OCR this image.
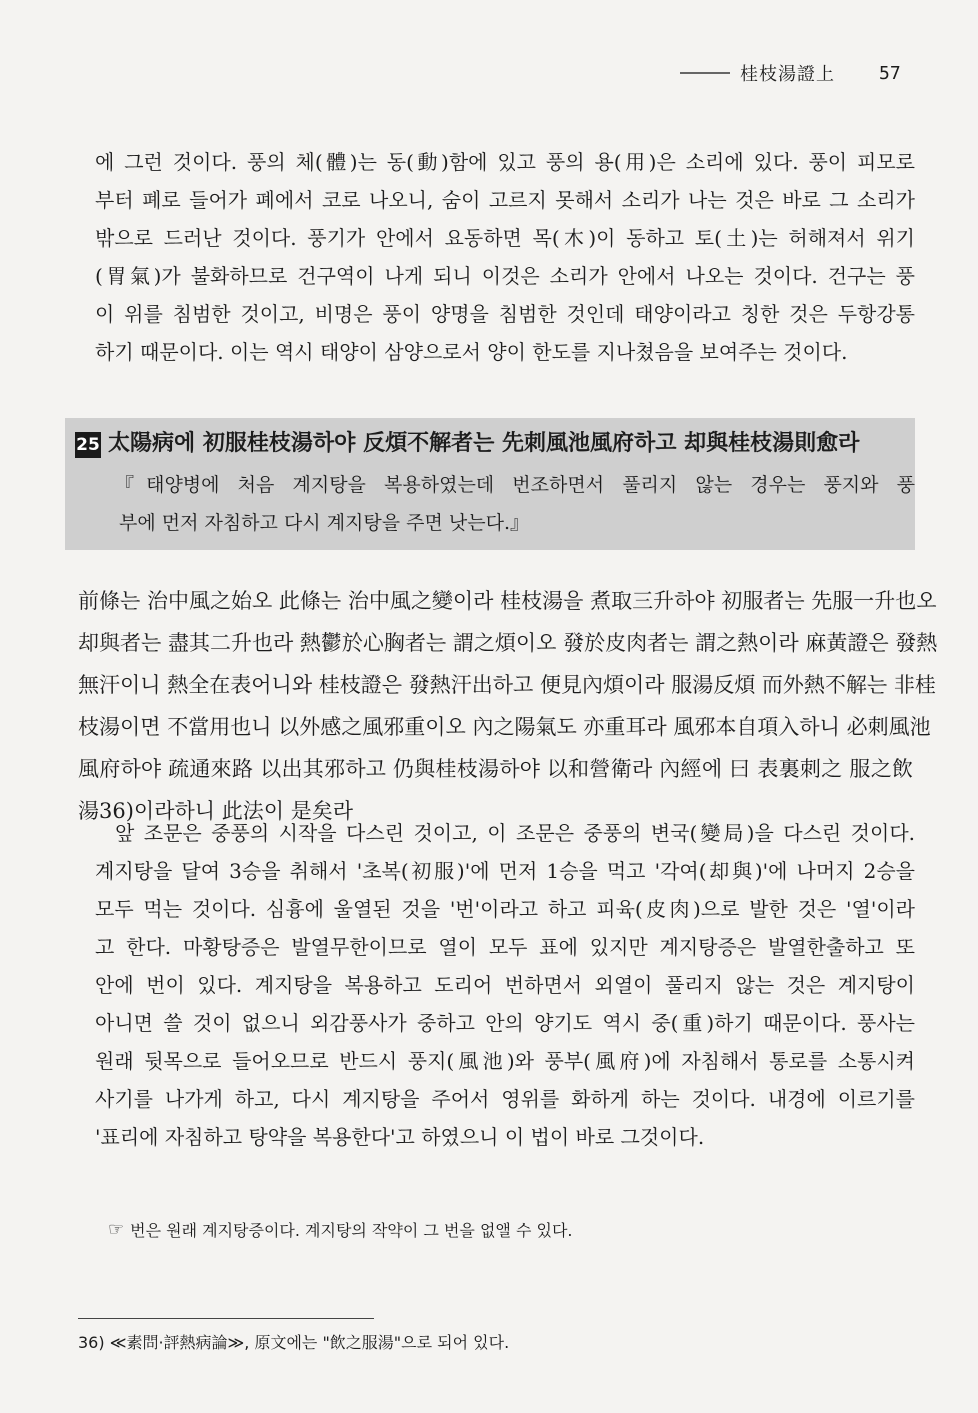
桂枝湯證上 57
에 그런 것이다. 풍의 체(體)는 동(動)함에 있고 풍의 용(用)은 소리에 있다. 풍이 피모로
부터 폐로 들어가 폐에서 코로 나오니, 숨이 고르지 못해서 소리가 나는 것은 바로 그 소리가
밖으로 드러난 것이다. 풍기가 안에서 요동하면 목(木)이 동하고 토(土)는 허해져서 위기
(胃氣)가 불화하므로 건구역이 나게 되니 이것은 소리가 안에서 나오는 것이다. 건구는 풍
이 위를 침범한 것이고, 비명은 풍이 양명을 침범한 것인데 태양이라고 칭한 것은 두항강통
하기 때문이다. 이는 역시 태양이 삼양으로서 양이 한도를 지나쳤음을 보여주는 것이다.
25 太陽病에 初服桂枝湯하야 反煩不解者는 先刺風池風府하고 却與桂枝湯則愈라
『태양병에 처음 계지탕을 복용하였는데 번조하면서 풀리지 않는 경우는 풍지와 풍
부에 먼저 자침하고 다시 계지탕을 주면 낫는다.』
前條는 治中風之始오 此條는 治中風之變이라 桂枝湯을 煮取三升하야 初服者는 先服一升也오
却與者는 盡其二升也라 熱鬱於心胸者는 謂之煩이오 發於皮肉者는 謂之熱이라 麻黃證은 發熱
無汗이니 熱全在表어니와 桂枝證은 發熱汗出하고 便見內煩이라 服湯反煩 而外熱不解는 非桂
枝湯이면 不當用也니 以外感之風邪重이오 內之陽氣도 亦重耳라 風邪本自項入하니 必刺風池
風府하야 疏通來路 以出其邪하고 仍與桂枝湯하야 以和營衛라 內經에 曰 表裏刺之 服之飲
湯36)이라하니 此法이 是矣라
앞 조문은 중풍의 시작을 다스린 것이고, 이 조문은 중풍의 변국(變局)을 다스린 것이다.
계지탕을 달여 3승을 취해서 '초복(初服)'에 먼저 1승을 먹고 '각여(却與)'에 나머지 2승을
모두 먹는 것이다. 심흉에 울열된 것을 '번'이라고 하고 피육(皮肉)으로 발한 것은 '열'이라
고 한다. 마황탕증은 발열무한이므로 열이 모두 표에 있지만 계지탕증은 발열한출하고 또
안에 번이 있다. 계지탕을 복용하고 도리어 번하면서 외열이 풀리지 않는 것은 계지탕이
아니면 쓸 것이 없으니 외감풍사가 중하고 안의 양기도 역시 중(重)하기 때문이다. 풍사는
원래 뒷목으로 들어오므로 반드시 풍지(風池)와 풍부(風府)에 자침해서 통로를 소통시켜
사기를 나가게 하고, 다시 계지탕을 주어서 영위를 화하게 하는 것이다. 내경에 이르기를
'표리에 자침하고 탕약을 복용한다'고 하였으니 이 법이 바로 그것이다.
☞ 번은 원래 계지탕증이다. 계지탕의 작약이 그 번을 없앨 수 있다.
36) ≪素問·評熱病論≫, 原文에는 "飲之服湯"으로 되어 있다.
